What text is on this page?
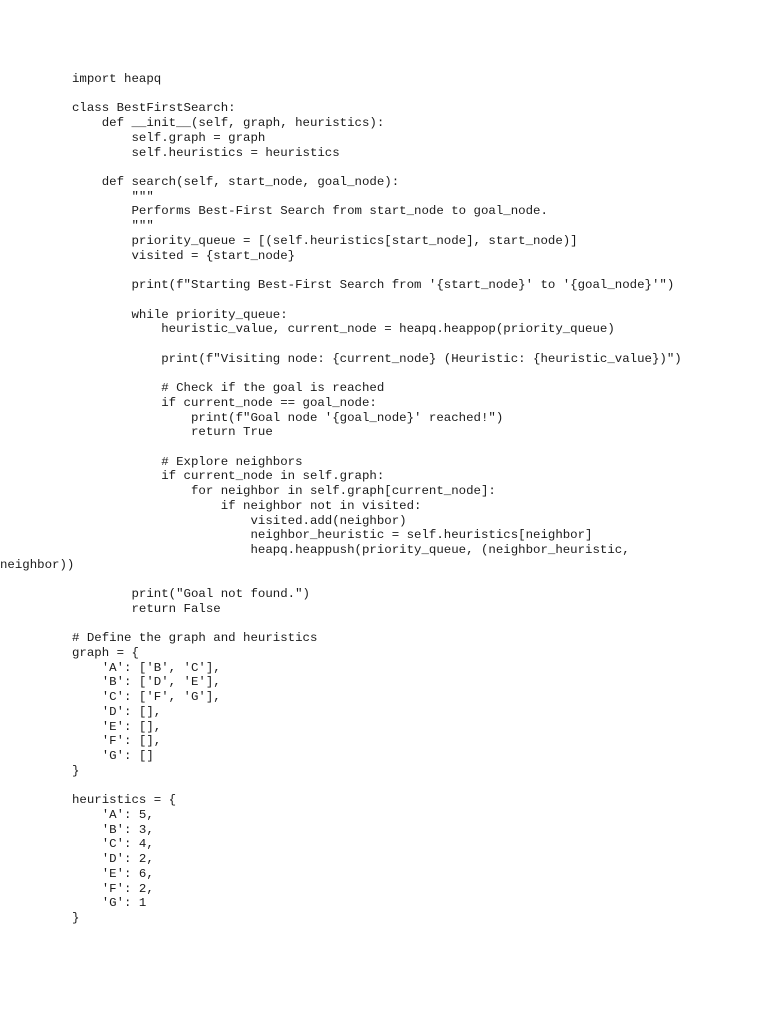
import heapq
class BestFirstSearch:
def __init__(self, graph, heuristics):
self.graph = graph
self.heuristics = heuristics
def search(self, start_node, goal_node):
"""
Performs Best-First Search from start_node to goal_node.
"""
priority_queue = [(self.heuristics[start_node], start_node)]
visited = {start_node}
print(f"Starting Best-First Search from '{start_node}' to '{goal_node}'")
while priority_queue:
heuristic_value, current_node = heapq.heappop(priority_queue)
print(f"Visiting node: {current_node} (Heuristic: {heuristic_value})")
# Check if the goal is reached
if current_node == goal_node:
print(f"Goal node '{goal_node}' reached!")
return True
# Explore neighbors
if current_node in self.graph:
for neighbor in self.graph[current_node]:
if neighbor not in visited:
visited.add(neighbor)
neighbor_heuristic = self.heuristics[neighbor]
heapq.heappush(priority_queue, (neighbor_heuristic,
neighbor))
print("Goal not found.")
return False
# Define the graph and heuristics
graph = {
'A': ['B', 'C'],
'B': ['D', 'E'],
'C': ['F', 'G'],
'D': [],
'E': [],
'F': [],
'G': []
}
heuristics = {
'A': 5,
'B': 3,
'C': 4,
'D': 2,
'E': 6,
'F': 2,
'G': 1
}
